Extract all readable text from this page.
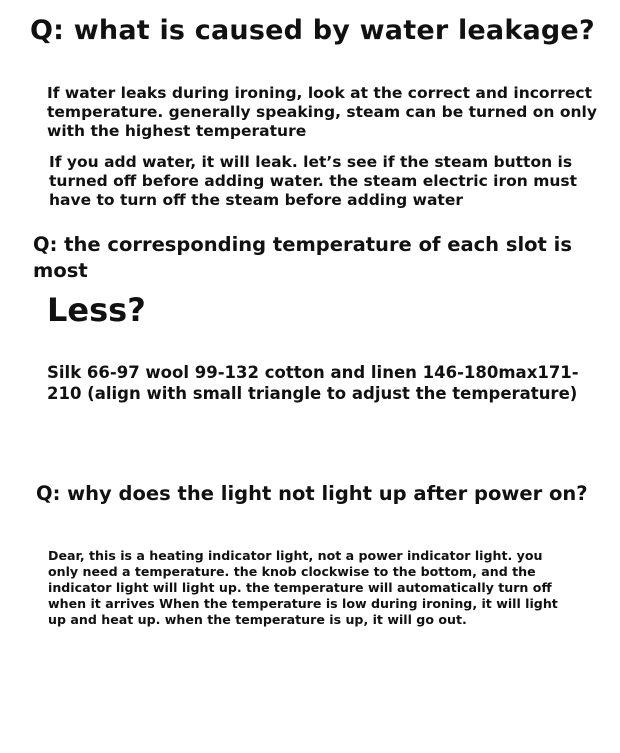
Q: what is caused by water leakage?

If water leaks during ironing, look at the correct and incorrect temperature. generally speaking, steam can be turned on only with the highest temperature

If you add water, it will leak. let’s see if the steam button is turned off before adding water. the steam electric iron must have to turn off the steam before adding water

Q: the corresponding temperature of each slot is most
Less?

Silk 66-97 wool 99-132 cotton and linen 146-180max171-210 (align with small triangle to adjust the temperature)

Q: why does the light not light up after power on?

Dear, this is a heating indicator light, not a power indicator light. you only need a temperature. the knob clockwise to the bottom, and the indicator light will light up. the temperature will automatically turn off when it arrives When the temperature is low during ironing, it will light up and heat up. when the temperature is up, it will go out.
